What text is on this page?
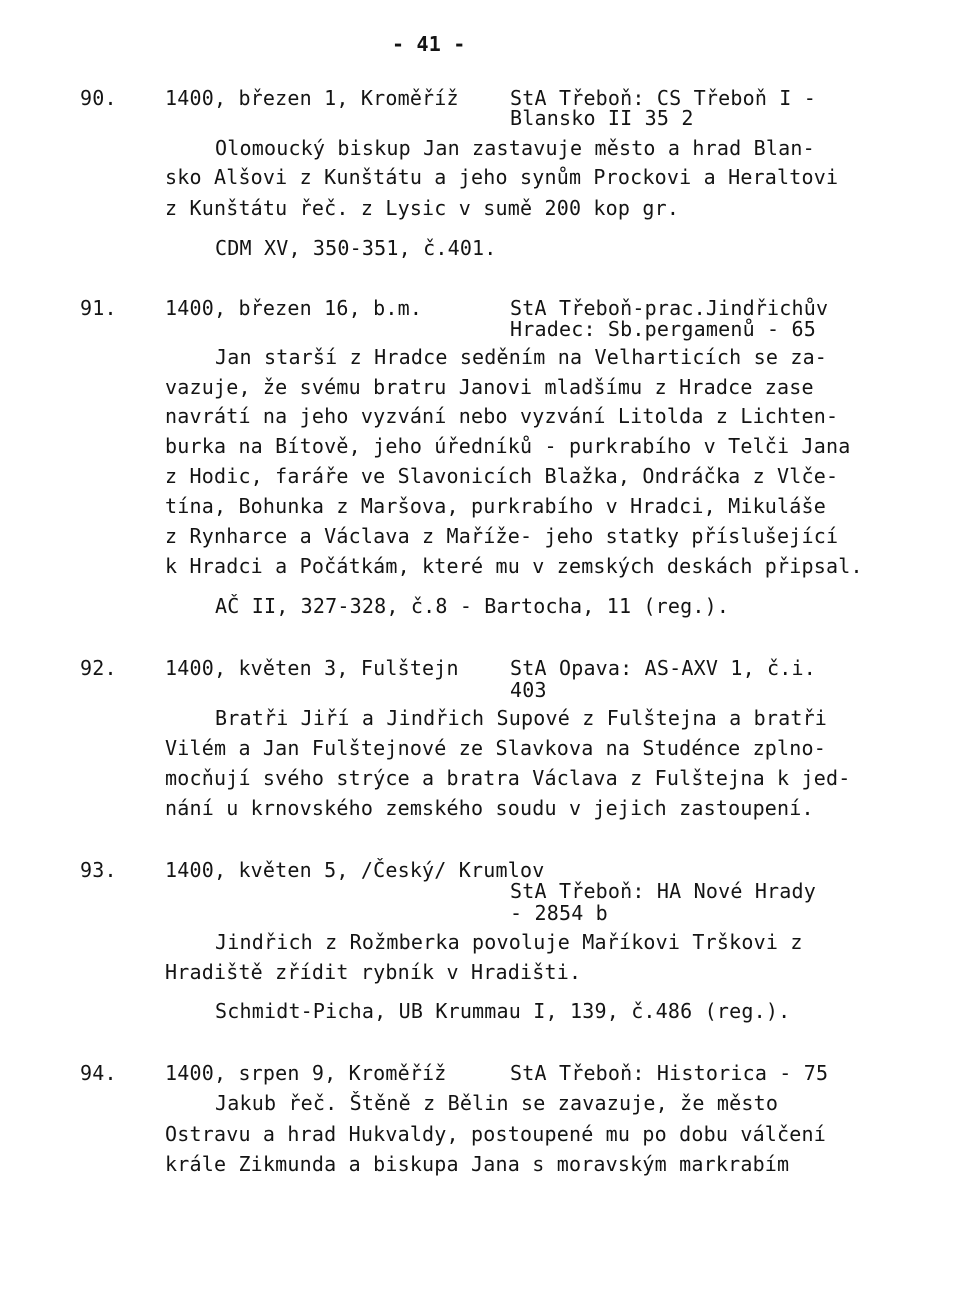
- 41 -
90. 1400, březen 1, Kroměříž	StA Třeboň: CS Třeboň I -
Blansko II 35 2
Olomoucký biskup Jan zastavuje město a hrad Blan-
sko Alšovi z Kunštátu a jeho synům Prockovi a Heraltovi
z Kunštátu řeč. z Lysic v sumě 200 kop gr.
CDM XV, 350-351, č.401.
91. 1400, březen 16, b.m.	StA Třeboň-prac.Jindřichův
Hradec: Sb.pergamenů - 65
Jan starší z Hradce seděním na Velharticích se za-
vazuje, že svému bratru Janovi mladšímu z Hradce zase
navrátí na jeho vyzvání nebo vyzvání Litolda z Lichten-
burka na Bítově, jeho úředníků - purkrabího v Telči Jana
z Hodic, faráře ve Slavonicích Blažka, Ondráčka z Vlče-
tína, Bohunka z Maršova, purkrabího v Hradci, Mikuláše
z Rynharce a Václava z Maříže- jeho statky příslušející
k Hradci a Počátkám, které mu v zemských deskách připsal.
AČ II, 327-328, č.8 - Bartocha, 11 (reg.).
92. 1400, květen 3, Fulštejn	StA Opava: AS-AXV 1, č.i.
403
Bratři Jiří a Jindřich Supové z Fulštejna a bratři
Vilém a Jan Fulštejnové ze Slavkova na Studénce zplno-
mocňují svého strýce a bratra Václava z Fulštejna k jed-
nání u krnovského zemského soudu v jejich zastoupení.
93. 1400, květen 5, /Český/ Krumlov
StA Třeboň: HA Nové Hrady
- 2854 b
Jindřich z Rožmberka povoluje Maříkovi Trškovi z
Hradiště zřídit rybník v Hradišti.
Schmidt-Picha, UB Krummau I, 139, č.486 (reg.).
94. 1400, srpen 9, Kroměříž	StA Třeboň: Historica - 75
Jakub řeč. Štěně z Bělin se zavazuje, že město
Ostravu a hrad Hukvaldy, postoupené mu po dobu válčení
krále Zikmunda a biskupa Jana s moravským markrabím
